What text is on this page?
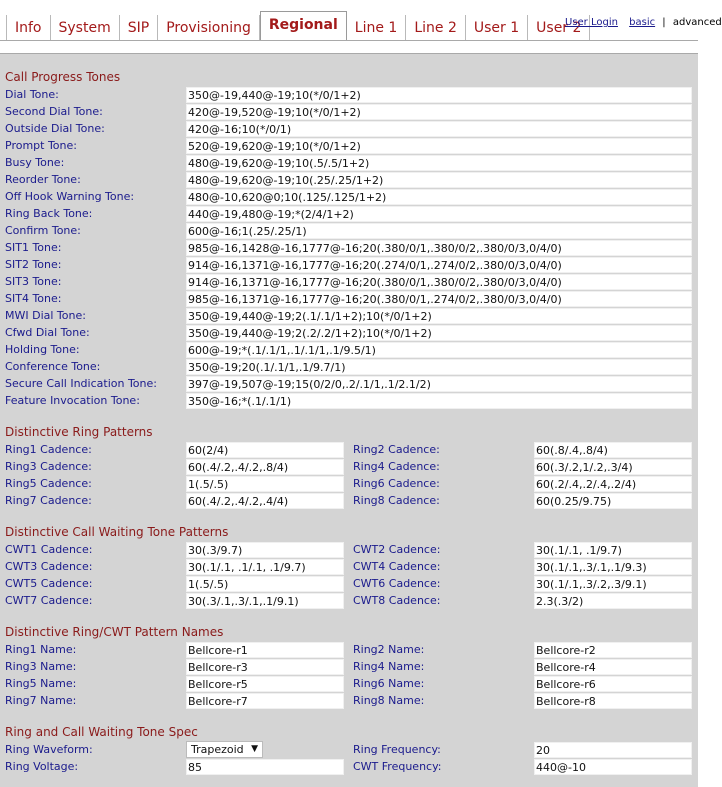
Info	System	SIP	Provisioning	Regional	Line 1	Line 2	User 1	User 2
User Login basic | advanced
Call Progress Tones
Dial Tone:	350@-19,440@-19;10(*/0/1+2)
Second Dial Tone:	420@-19,520@-19;10(*/0/1+2)
Outside Dial Tone:	420@-16;10(*/0/1)
Prompt Tone:	520@-19,620@-19;10(*/0/1+2)
Busy Tone:	480@-19,620@-19;10(.5/.5/1+2)
Reorder Tone:	480@-19,620@-19;10(.25/.25/1+2)
Off Hook Warning Tone:	480@-10,620@0;10(.125/.125/1+2)
Ring Back Tone:	440@-19,480@-19;*(2/4/1+2)
Confirm Tone:	600@-16;1(.25/.25/1)
SIT1 Tone:	985@-16,1428@-16,1777@-16;20(.380/0/1,.380/0/2,.380/0/3,0/4/0)
SIT2 Tone:	914@-16,1371@-16,1777@-16;20(.274/0/1,.274/0/2,.380/0/3,0/4/0)
SIT3 Tone:	914@-16,1371@-16,1777@-16;20(.380/0/1,.380/0/2,.380/0/3,0/4/0)
SIT4 Tone:	985@-16,1371@-16,1777@-16;20(.380/0/1,.274/0/2,.380/0/3,0/4/0)
MWI Dial Tone:	350@-19,440@-19;2(.1/.1/1+2);10(*/0/1+2)
Cfwd Dial Tone:	350@-19,440@-19;2(.2/.2/1+2);10(*/0/1+2)
Holding Tone:	600@-19;*(.1/.1/1,.1/.1/1,.1/9.5/1)
Conference Tone:	350@-19;20(.1/.1/1,.1/9.7/1)
Secure Call Indication Tone:	397@-19,507@-19;15(0/2/0,.2/.1/1,.1/2.1/2)
Feature Invocation Tone:	350@-16;*(.1/.1/1)
Distinctive Ring Patterns
Ring1 Cadence:	60(2/4)	Ring2 Cadence:	60(.8/.4,.8/4)
Ring3 Cadence:	60(.4/.2,.4/.2,.8/4)	Ring4 Cadence:	60(.3/.2,1/.2,.3/4)
Ring5 Cadence:	1(.5/.5)	Ring6 Cadence:	60(.2/.4,.2/.4,.2/4)
Ring7 Cadence:	60(.4/.2,.4/.2,.4/4)	Ring8 Cadence:	60(0.25/9.75)
Distinctive Call Waiting Tone Patterns
CWT1 Cadence:	30(.3/9.7)	CWT2 Cadence:	30(.1/.1, .1/9.7)
CWT3 Cadence:	30(.1/.1, .1/.1, .1/9.7)	CWT4 Cadence:	30(.1/.1,.3/.1,.1/9.3)
CWT5 Cadence:	1(.5/.5)	CWT6 Cadence:	30(.1/.1,.3/.2,.3/9.1)
CWT7 Cadence:	30(.3/.1,.3/.1,.1/9.1)	CWT8 Cadence:	2.3(.3/2)
Distinctive Ring/CWT Pattern Names
Ring1 Name:	Bellcore-r1	Ring2 Name:	Bellcore-r2
Ring3 Name:	Bellcore-r3	Ring4 Name:	Bellcore-r4
Ring5 Name:	Bellcore-r5	Ring6 Name:	Bellcore-r6
Ring7 Name:	Bellcore-r7	Ring8 Name:	Bellcore-r8
Ring and Call Waiting Tone Spec
Ring Waveform:	Trapezoid ▼	Ring Frequency:	20
Ring Voltage:	85	CWT Frequency:	440@-10
